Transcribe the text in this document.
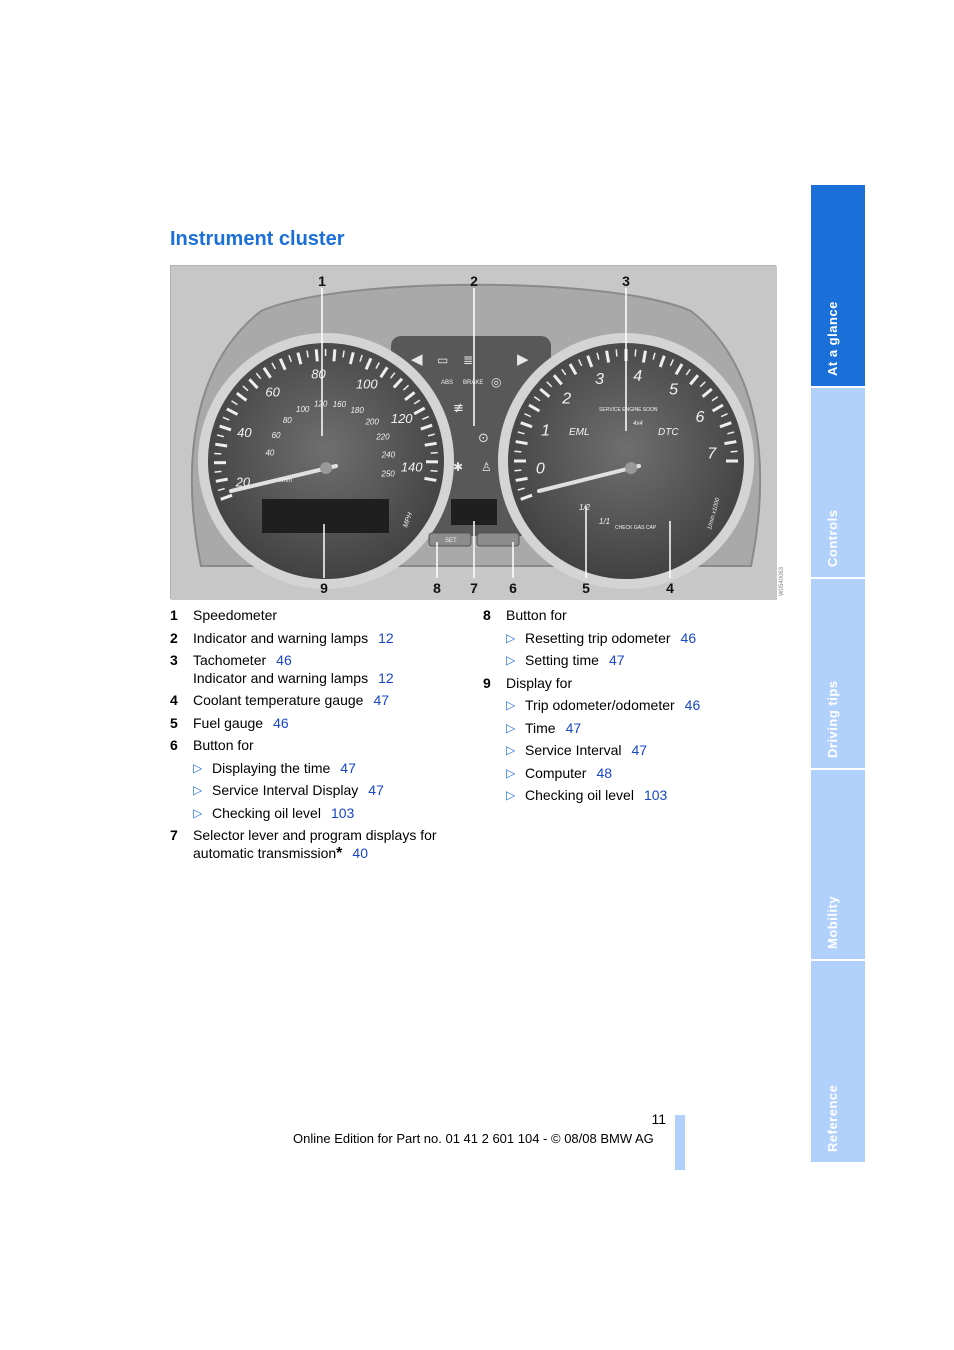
Instrument cluster
km/h
MPH
EML	DTC
4x4
SERVICE ENGINE SOON
1/min x1000
CHECK GAS CAP
1/2
1/1
ABS BRAKE
SET
20
40
60
80
100
120
140
40
60
80
100
120 160
180
200
220
240
250	0
1
2
3 4
5
6
7
◀ ▭ ≣
◎
▶
≢
⊙
✱ ♙
1	2	3
9	8 7 6	5	4	W0540063
1 Speedometer
2 Indicator and warning lamps 12
3 Tachometer 46
Indicator and warning lamps 12
4 Coolant temperature gauge 47
5 Fuel gauge 46
6 Button for
▷ Displaying the time 47
▷ Service Interval Display 47
▷ Checking oil level 103
7 Selector lever and program displays for
automatic transmission* 40
8 Button for
▷ Resetting trip odometer 46
▷ Setting time 47
9 Display for
▷ Trip odometer/odometer 46
▷ Time 47
▷ Service Interval 47
▷ Computer 48
▷ Checking oil level 103
At a glance
Controls
Driving tips
Mobility
Reference
11
Online Edition for Part no. 01 41 2 601 104 - © 08/08 BMW AG
